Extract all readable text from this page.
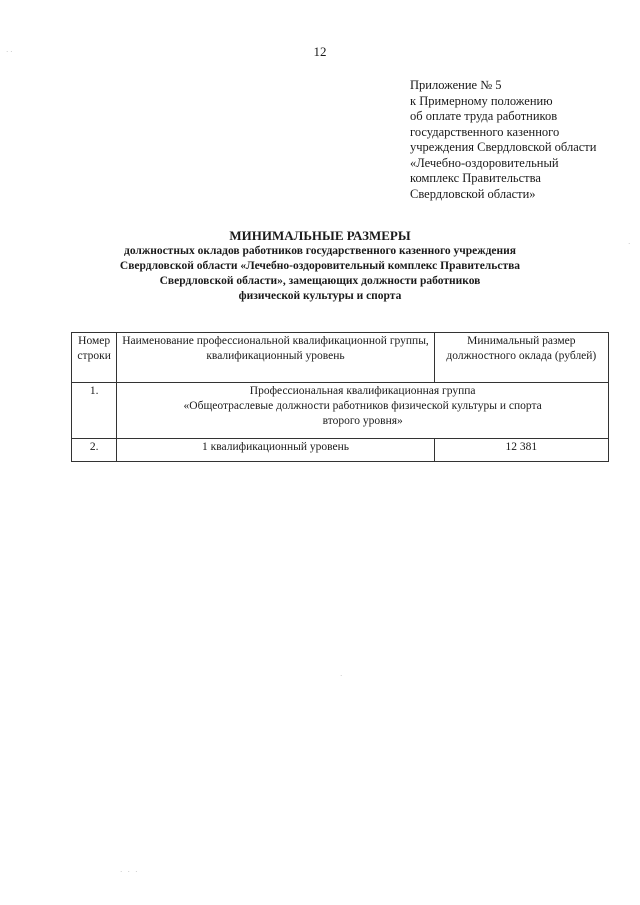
· ·
·
·
·   ·   ·
12
Приложение № 5
к Примерному положению
об оплате труда работников
государственного казенного
учреждения Свердловской области
«Лечебно-оздоровительный
комплекс Правительства
Свердловской области»
МИНИМАЛЬНЫЕ РАЗМЕРЫ
должностных окладов работников государственного казенного учреждения
Свердловской области «Лечебно-оздоровительный комплекс Правительства
Свердловской области», замещающих должности работников
физической культуры и спорта
Номер строки	Наименование профессиональной квалификационной группы, квалификационный уровень	Минимальный размер должностного оклада (рублей)
1.	Профессиональная квалификационная группа
«Общеотраслевые должности работников физической культуры и спорта
второго уровня»	

2.	1 квалификационный уровень	12 381
